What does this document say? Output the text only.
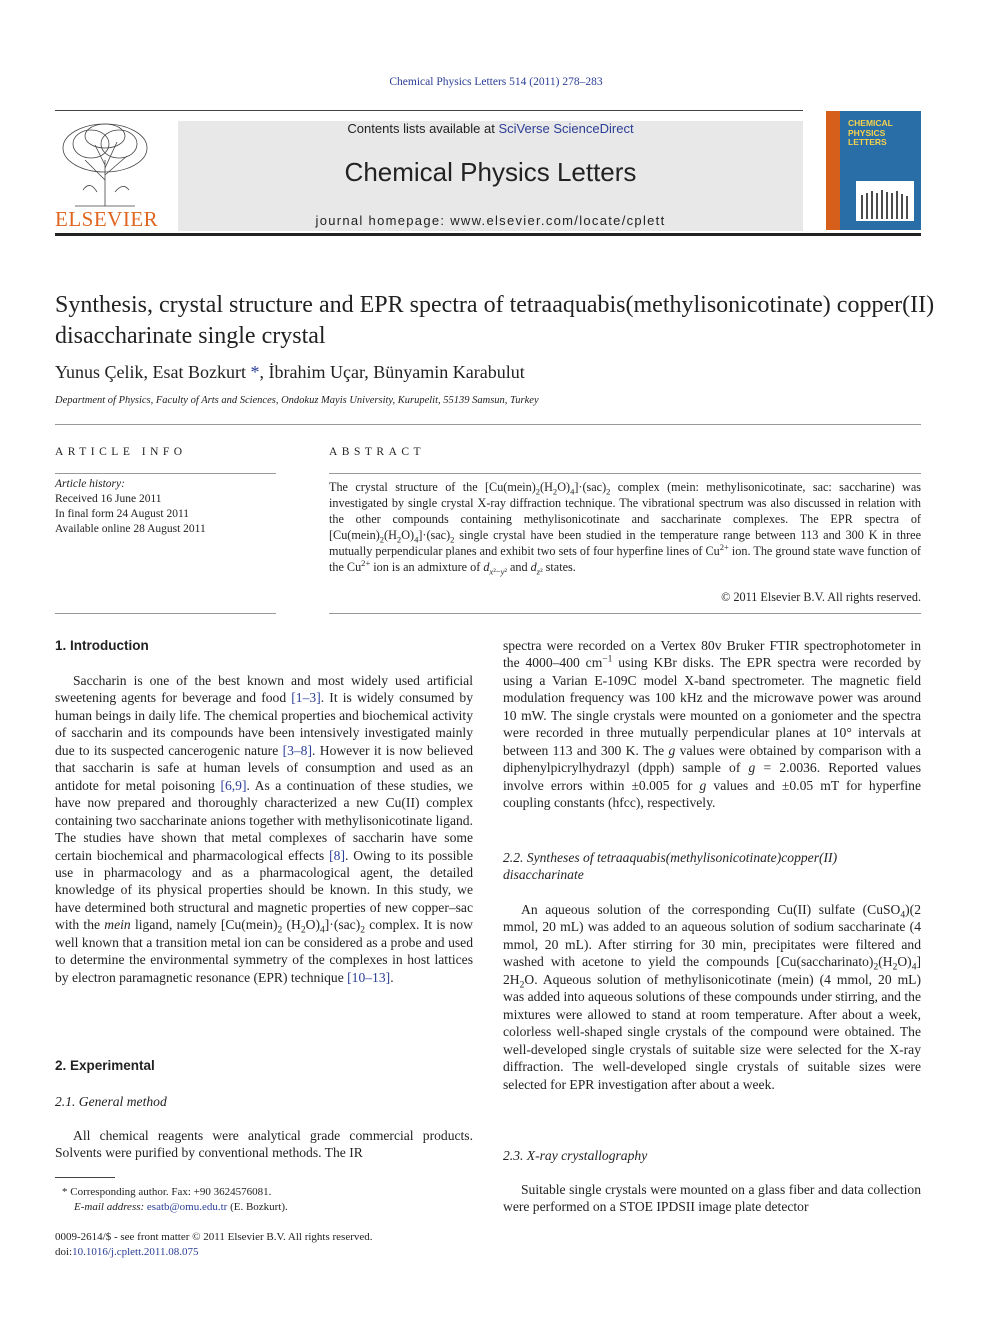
Chemical Physics Letters 514 (2011) 278–283
ELSEVIER
Contents lists available at SciVerse ScienceDirect
Chemical Physics Letters
journal homepage: www.elsevier.com/locate/cplett
CHEMICAL PHYSICS LETTERS
Synthesis, crystal structure and EPR spectra of tetraaquabis(methylisonicotinate) copper(II) disaccharinate single crystal
Yunus Çelik, Esat Bozkurt *, İbrahim Uçar, Bünyamin Karabulut
Department of Physics, Faculty of Arts and Sciences, Ondokuz Mayis University, Kurupelit, 55139 Samsun, Turkey
ARTICLE INFO
Article history:
Received 16 June 2011
In final form 24 August 2011
Available online 28 August 2011
ABSTRACT
The crystal structure of the $[Cu(mein)_2(H_2O)_4]\cdot(sac)_2$ complex (mein: methylisonicotinate, sac: saccharine) was investigated by single crystal X-ray diffraction technique. The vibrational spectrum was also discussed in relation with the other compounds containing methylisonicotinate and saccharinate complexes. The EPR spectra of $[Cu(mein)_2(H_2O)_4]\cdot(sac)_2$ single crystal have been studied in the temperature range between 113 and 300 K in three mutually perpendicular planes and exhibit two sets of four hyperfine lines of $Cu^{2+}$ ion. The ground state wave function of the $Cu^{2+}$ ion is an admixture of $d_{x^2-y^2}$ and $d_{z^2}$ states.
© 2011 Elsevier B.V. All rights reserved.
1. Introduction
Saccharin is one of the best known and most widely used artificial sweetening agents for beverage and food [1–3]. It is widely consumed by human beings in daily life. The chemical properties and biochemical activity of saccharin and its compounds have been intensively investigated mainly due to its suspected cancerogenic nature [3–8]. However it is now believed that saccharin is safe at human levels of consumption and used as an antidote for metal poisoning [6,9]. As a continuation of these studies, we have now prepared and thoroughly characterized a new Cu(II) complex containing two saccharinate anions together with methylisonicotinate ligand. The studies have shown that metal complexes of saccharin have some certain biochemical and pharmacological effects [8]. Owing to its possible use in pharmacology and as a pharmacological agent, the detailed knowledge of its physical properties should be known. In this study, we have determined both structural and magnetic properties of new copper–sac with the mein ligand, namely [$Cu(mein)_2$ $(H_2O)_4]\cdot(sac)_2$ complex. It is now well known that a transition metal ion can be considered as a probe and used to determine the environmental symmetry of the complexes in host lattices by electron paramagnetic resonance (EPR) technique [10–13].
2. Experimental
2.1. General method
All chemical reagents were analytical grade commercial products. Solvents were purified by conventional methods. The IR
* Corresponding author. Fax: +90 3624576081.
E-mail address: esatb@omu.edu.tr (E. Bozkurt).
0009-2614/$ - see front matter © 2011 Elsevier B.V. All rights reserved.
doi:10.1016/j.cplett.2011.08.075
spectra were recorded on a Vertex 80v Bruker FTIR spectrophotometer in the 4000–400 $cm^{-1}$ using KBr disks. The EPR spectra were recorded by using a Varian E-109C model X-band spectrometer. The magnetic field modulation frequency was 100 kHz and the microwave power was around 10 mW. The single crystals were mounted on a goniometer and the spectra were recorded in three mutually perpendicular planes at 10° intervals at between 113 and 300 K. The g values were obtained by comparison with a diphenylpicrylhydrazyl (dpph) sample of g = 2.0036. Reported values involve errors within ±0.005 for g values and ±0.05 mT for hyperfine coupling constants (hfcc), respectively.
2.2. Syntheses of tetraaquabis(methylisonicotinate)copper(II) disaccharinate
An aqueous solution of the corresponding Cu(II) sulfate (CuSO$_4$)(2 mmol, 20 mL) was added to an aqueous solution of sodium saccharinate (4 mmol, 20 mL). After stirring for 30 min, precipitates were filtered and washed with acetone to yield the compounds $[Cu(saccharinato)_2(H_2O)_4]$ $2H_2O$. Aqueous solution of methylisonicotinate (mein) (4 mmol, 20 mL) was added into aqueous solutions of these compounds under stirring, and the mixtures were allowed to stand at room temperature. After about a week, colorless well-shaped single crystals of the compound were obtained. The well-developed single crystals of suitable size were selected for the X-ray diffraction. The well-developed single crystals of suitable sizes were selected for EPR investigation after about a week.
2.3. X-ray crystallography
Suitable single crystals were mounted on a glass fiber and data collection were performed on a STOE IPDSII image plate detector
